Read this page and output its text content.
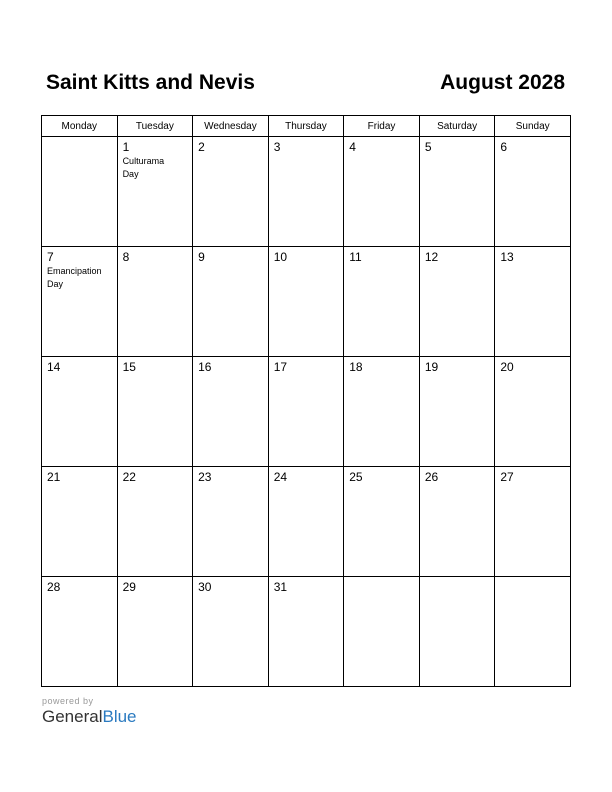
Saint Kitts and Nevis	August 2028
Monday	Tuesday	Wednesday	Thursday	Friday	Saturday	Sunday

	1
Culturama
Day	2	3	4	5	6

7
Emancipation
Day	8	9	10	11	12	13

14	15	16	17	18	19	20

21	22	23	24	25	26	27

28	29	30	31			

powered by
GeneralBlue
